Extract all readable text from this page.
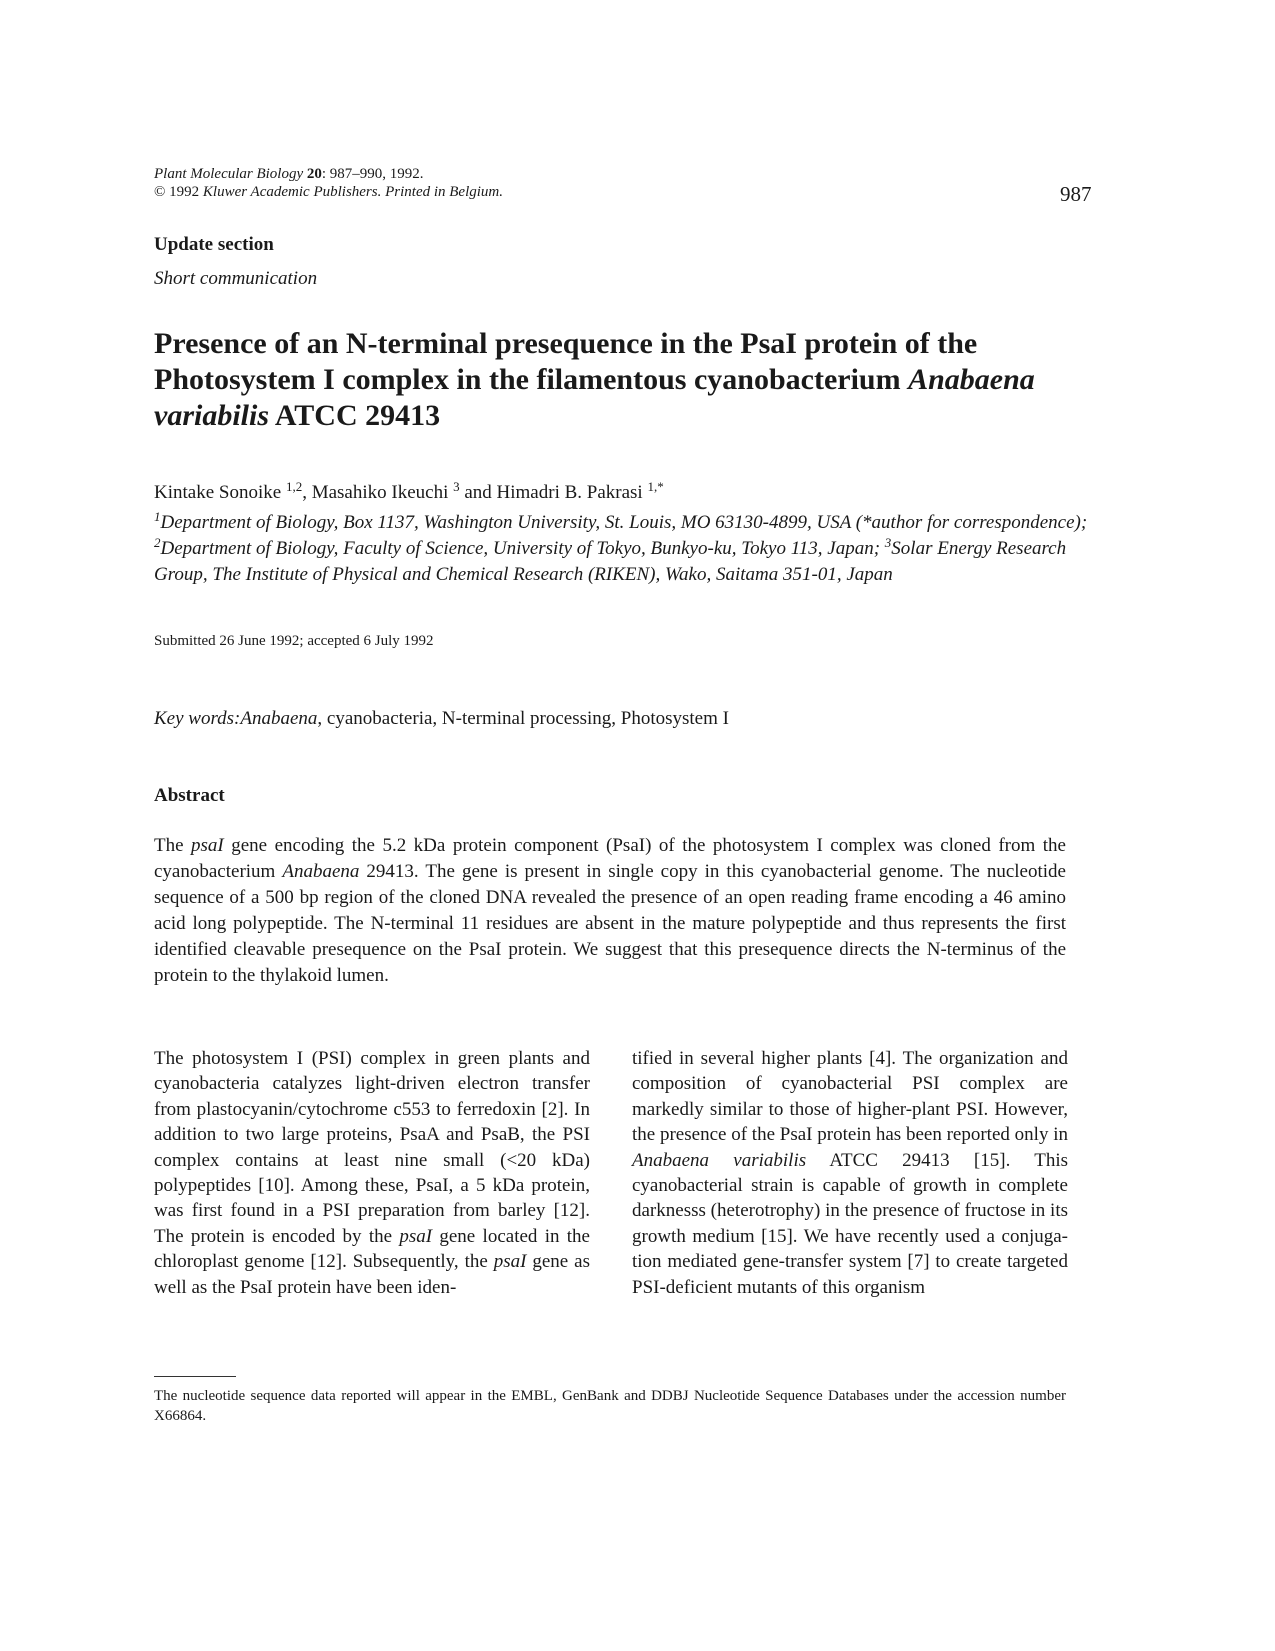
Plant Molecular Biology 20: 987–990, 1992.
© 1992 Kluwer Academic Publishers. Printed in Belgium.	987
Update section
Short communication
Presence of an N-terminal presequence in the PsaI protein of the Photosystem I complex in the filamentous cyanobacterium Anabaena variabilis ATCC 29413
Kintake Sonoike $^{1,2}$, Masahiko Ikeuchi $^3$ and Himadri B. Pakrasi $^{1,*}$
$^1$Department of Biology, Box 1137, Washington University, St. Louis, MO 63130-4899, USA (*author for correspondence); $^2$Department of Biology, Faculty of Science, University of Tokyo, Bunkyo-ku, Tokyo 113, Japan; $^3$Solar Energy Research Group, The Institute of Physical and Chemical Research (RIKEN), Wako, Saitama 351-01, Japan
Submitted 26 June 1992; accepted 6 July 1992
Key words:Anabaena, cyanobacteria, N-terminal processing, Photosystem I
Abstract
The psaI gene encoding the 5.2 kDa protein component (PsaI) of the photosystem I complex was cloned from the cyanobacterium Anabaena 29413. The gene is present in single copy in this cyanobacterial genome. The nucleotide sequence of a 500 bp region of the cloned DNA revealed the presence of an open reading frame encoding a 46 amino acid long polypeptide. The N-terminal 11 residues are absent in the mature polypeptide and thus represents the first identified cleavable presequence on the PsaI protein. We suggest that this presequence directs the N-terminus of the protein to the thylakoid lumen.
The photosystem I (PSI) complex in green plants and cyanobacteria catalyzes light-driven electron transfer from plastocyanin/cytochrome c553 to ferredoxin [2]. In addition to two large proteins, PsaA and PsaB, the PSI complex contains at least nine small (<20 kDa) polypeptides [10]. Among these, PsaI, a 5 kDa protein, was first found in a PSI preparation from barley [12]. The protein is encoded by the psaI gene located in the chloroplast genome [12]. Subsequently, the psaI gene as well as the PsaI protein have been iden-
tified in several higher plants [4]. The organization and composition of cyanobacterial PSI complex are markedly similar to those of higher-plant PSI. However, the presence of the PsaI protein has been reported only in Anabaena variabilis ATCC 29413 [15]. This cyanobacterial strain is capable of growth in complete darknesss (heterotrophy) in the presence of fructose in its growth medium [15]. We have recently used a conjugation mediated gene-transfer system [7] to create targeted PSI-deficient mutants of this organism
The nucleotide sequence data reported will appear in the EMBL, GenBank and DDBJ Nucleotide Sequence Databases under the accession number X66864.
